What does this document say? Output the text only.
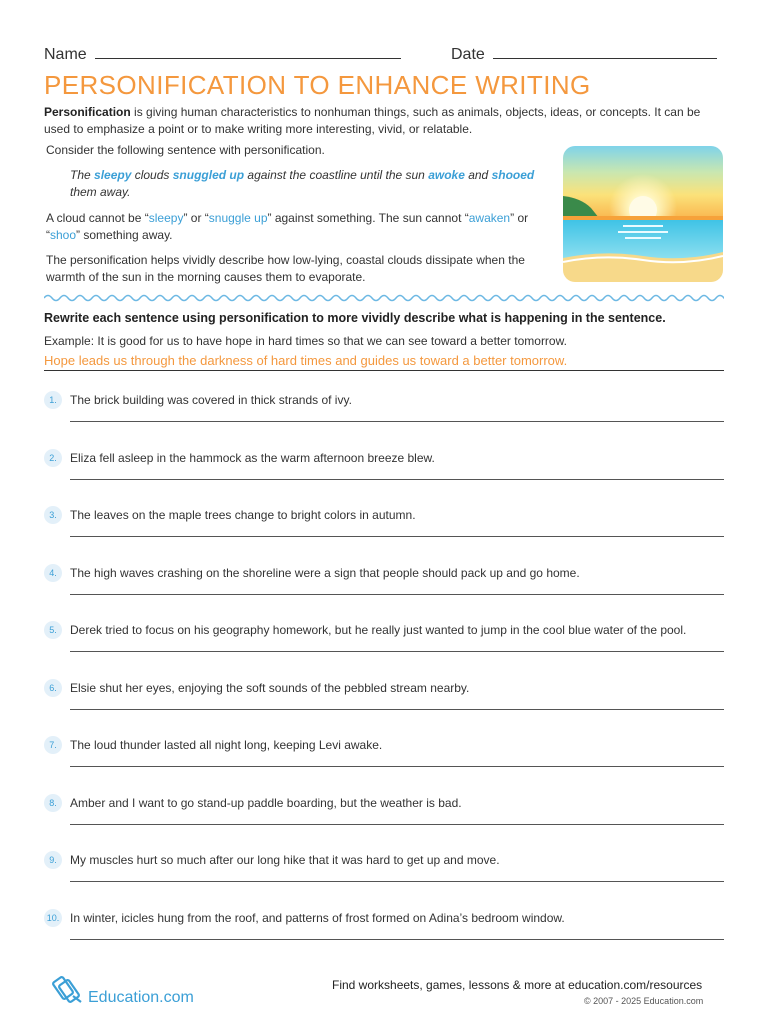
Name	Date
PERSONIFICATION TO ENHANCE WRITING
Personification is giving human characteristics to nonhuman things, such as animals, objects, ideas, or concepts. It can be used to emphasize a point or to make writing more interesting, vivid, or relatable.
Consider the following sentence with personification.
The sleepy clouds snuggled up against the coastline until the sun awoke and shooed them away.
A cloud cannot be “sleepy” or “snuggle up” against something. The sun cannot “awaken” or “shoo” something away.
The personification helps vividly describe how low-lying, coastal clouds dissipate when the warmth of the sun in the morning causes them to evaporate.
Rewrite each sentence using personification to more vividly describe what is happening in the sentence.
Example: It is good for us to have hope in hard times so that we can see toward a better tomorrow.
Hope leads us through the darkness of hard times and guides us toward a better tomorrow.
1.	The brick building was covered in thick strands of ivy.
2.	Eliza fell asleep in the hammock as the warm afternoon breeze blew.
3.	The leaves on the maple trees change to bright colors in autumn.
4.	The high waves crashing on the shoreline were a sign that people should pack up and go home.
5.	Derek tried to focus on his geography homework, but he really just wanted to jump in the cool blue water of the pool.
6.	Elsie shut her eyes, enjoying the soft sounds of the pebbled stream nearby.
7.	The loud thunder lasted all night long, keeping Levi awake.
8.	Amber and I want to go stand-up paddle boarding, but the weather is bad.
9.	My muscles hurt so much after our long hike that it was hard to get up and move.
10. In winter, icicles hung from the roof, and patterns of frost formed on Adina’s bedroom window.
Education.com
Find worksheets, games, lessons & more at education.com/resources
© 2007 - 2025 Education.com
